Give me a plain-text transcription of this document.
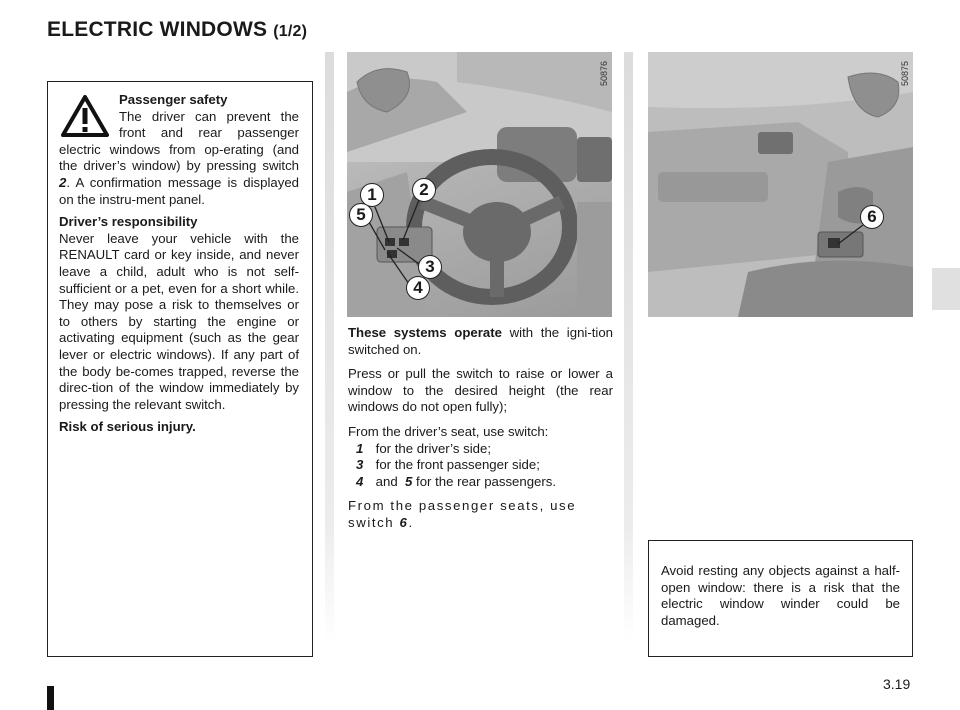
ELECTRIC WINDOWS (1/2)

Passenger safety
The driver can prevent the front and rear passenger electric windows from op-erating (and the driver’s window) by pressing switch 2. A confirmation message is displayed on the instru-ment panel.

Driver’s responsibility
Never leave your vehicle with the RENAULT card or key inside, and never leave a child, adult who is not self-sufficient or a pet, even for a short while. They may pose a risk to themselves or to others by starting the engine or activating equipment (such as the gear lever or electric windows). If any part of the body be-comes trapped, reverse the direc-tion of the window immediately by pressing the relevant switch.

Risk of serious injury.

50876
1	2
5
3
4
50875
6

These systems operate with the igni-tion switched on.

Press or pull the switch to raise or lower a window to the desired height (the rear windows do not open fully);

From the driver’s seat, use switch:
1 for the driver’s side;
3 for the front passenger side;
4 and 5 for the rear passengers.

From the passenger seats, use switch 6.

Avoid resting any objects against a half-open window: there is a risk that the electric window winder could be damaged.
3.19
